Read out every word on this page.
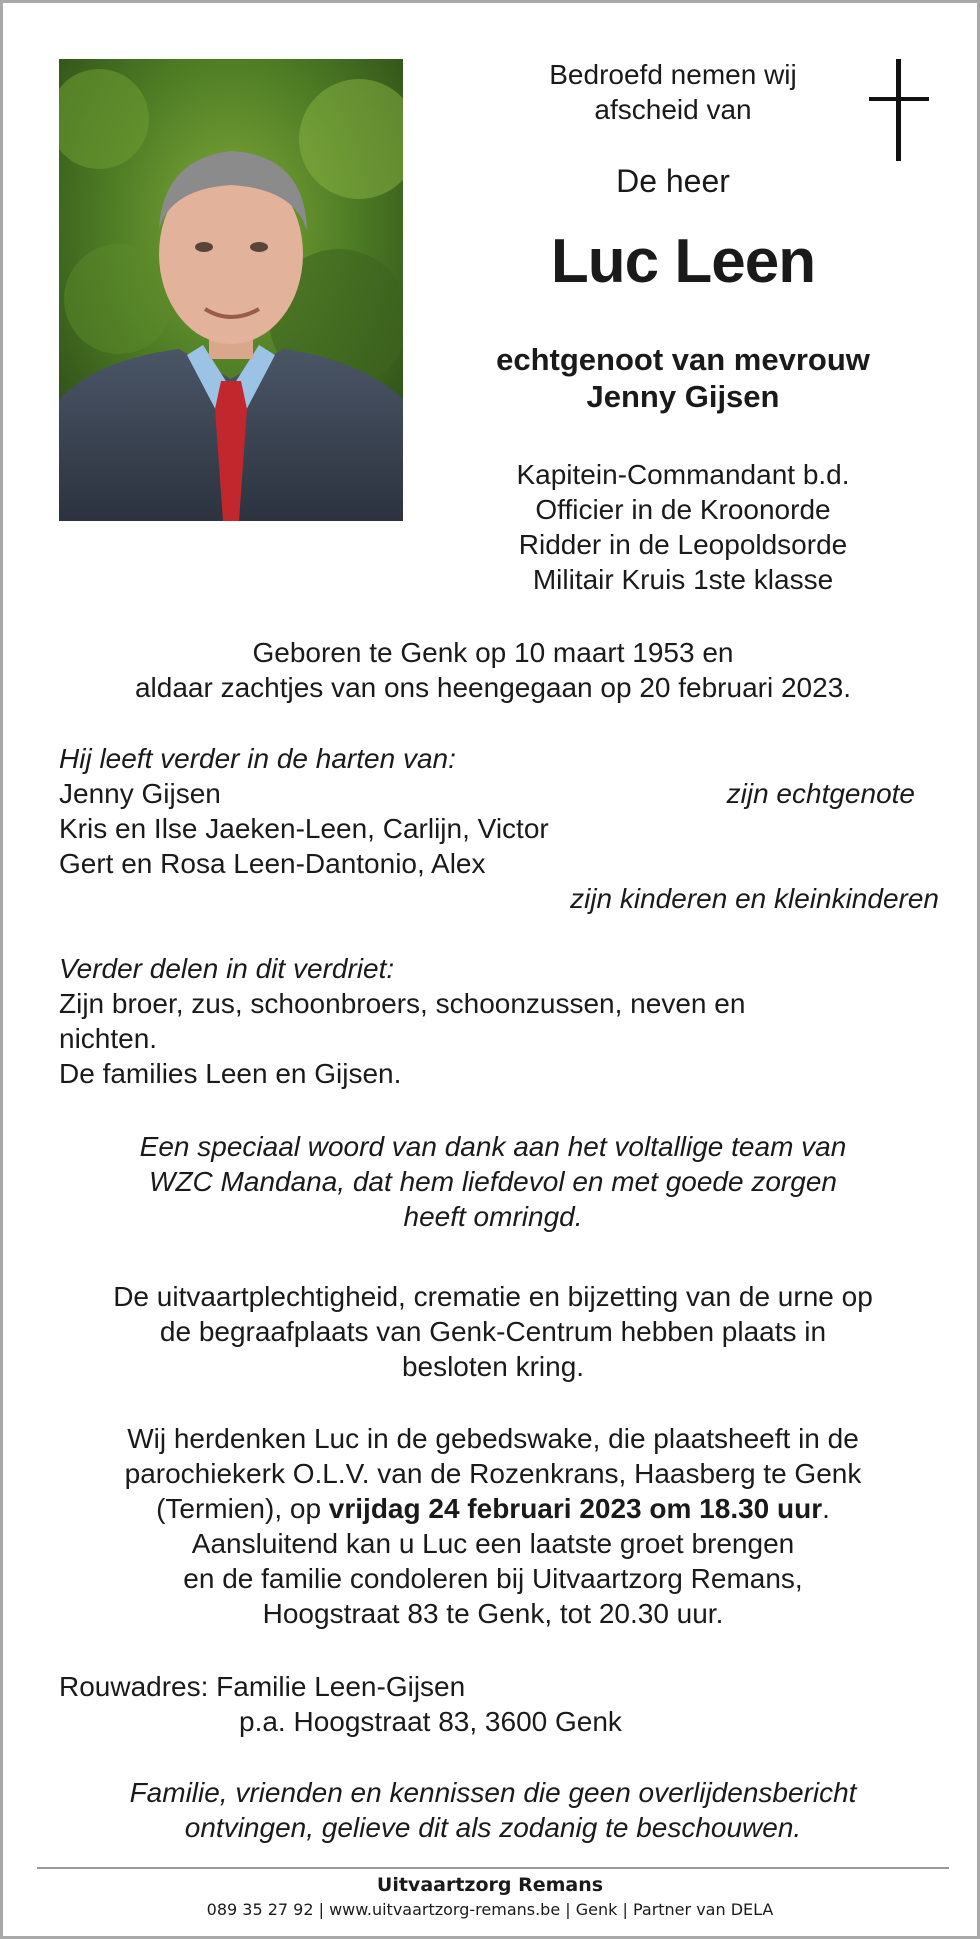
Bedroefd nemen wij
afscheid van
De heer
Luc Leen
echtgenoot van mevrouw
Jenny Gijsen
Kapitein-Commandant b.d.
Officier in de Kroonorde
Ridder in de Leopoldsorde
Militair Kruis 1ste klasse
Geboren te Genk op 10 maart 1953 en
aldaar zachtjes van ons heengegaan op 20 februari 2023.
Hij leeft verder in de harten van:
Jenny Gijsen	zijn echtgenote
Kris en Ilse Jaeken-Leen, Carlijn, Victor
Gert en Rosa Leen-Dantonio, Alex
zijn kinderen en kleinkinderen
Verder delen in dit verdriet:
Zijn broer, zus, schoonbroers, schoonzussen, neven en
nichten.
De families Leen en Gijsen.
Een speciaal woord van dank aan het voltallige team van
WZC Mandana, dat hem liefdevol en met goede zorgen
heeft omringd.
De uitvaartplechtigheid, crematie en bijzetting van de urne op
de begraafplaats van Genk-Centrum hebben plaats in
besloten kring.
Wij herdenken Luc in de gebedswake, die plaatsheeft in de
parochiekerk O.L.V. van de Rozenkrans, Haasberg te Genk
(Termien), op vrijdag 24 februari 2023 om 18.30 uur.
Aansluitend kan u Luc een laatste groet brengen
en de familie condoleren bij Uitvaartzorg Remans,
Hoogstraat 83 te Genk, tot 20.30 uur.
Rouwadres: Familie Leen-Gijsen
p.a. Hoogstraat 83, 3600 Genk
Familie, vrienden en kennissen die geen overlijdensbericht
ontvingen, gelieve dit als zodanig te beschouwen.
Uitvaartzorg Remans
089 35 27 92 | www.uitvaartzorg-remans.be | Genk | Partner van DELA
